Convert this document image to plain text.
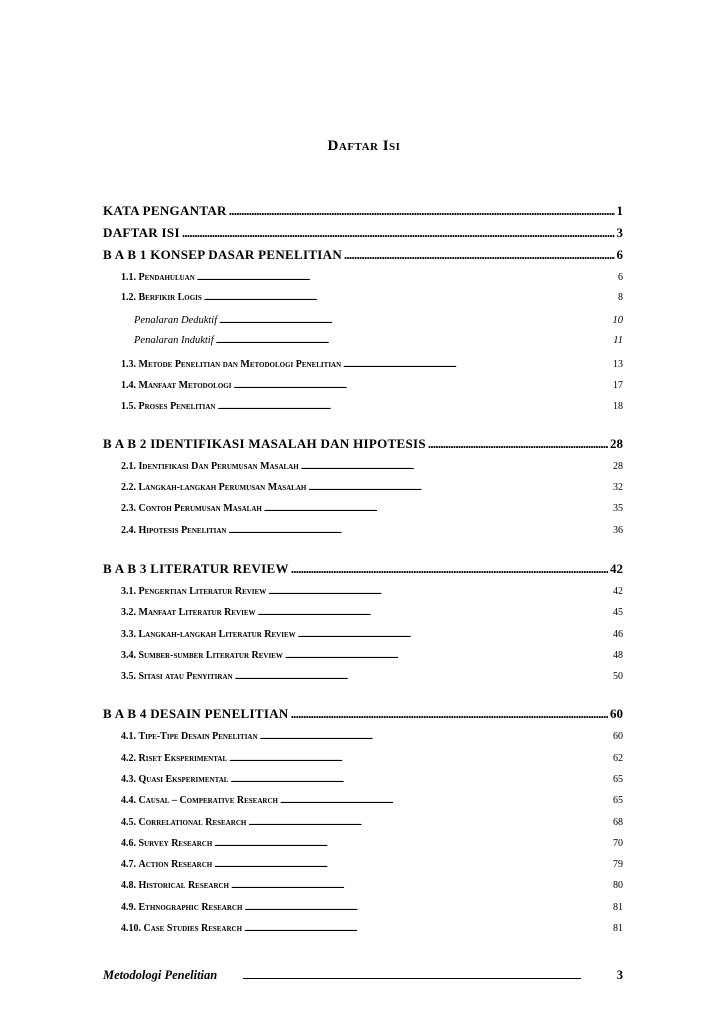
Daftar Isi
KATA PENGANTAR . . .	1
DAFTAR ISI . . .	3
B A B 1 KONSEP DASAR PENELITIAN . . .	6
1.1. Pendahuluan . . .	6
1.2. Berfikir Logis . . .	8
Penalaran Deduktif . . .	10
Penalaran Induktif . . .	11
1.3. Metode Penelitian dan Metodologi Penelitian . . .	13
1.4. Manfaat Metodologi . . .	17
1.5. Proses Penelitian . . .	18
B A B 2 IDENTIFIKASI MASALAH DAN HIPOTESIS . . .	28
2.1. Identifikasi Dan Perumusan Masalah . . .	28
2.2. Langkah-langkah Perumusan Masalah . . .	32
2.3. Contoh Perumusan Masalah . . .	35
2.4. Hipotesis Penelitian . . .	36
B A B 3 LITERATUR REVIEW . . .	42
3.1. Pengertian Literatur Review . . .	42
3.2. Manfaat Literatur Review . . .	45
3.3. Langkah-langkah Literatur Review . . .	46
3.4. Sumber-sumber Literatur Review . . .	48
3.5. Sitasi atau Penyitiran . . .	50
B A B 4 DESAIN PENELITIAN . . .	60
4.1. Tipe-Tipe Desain Penelitian . . .	60
4.2. Riset Eksperimental . . .	62
4.3. Quasi Eksperimental . . .	65
4.4. Causal – Comperative Research . . .	65
4.5. Correlational Research . . .	68
4.6. Survey Research . . .	70
4.7. Action Research . . .	79
4.8. Historical Research . . .	80
4.9. Ethnographic Research . . .	81
4.10. Case Studies Research . . .	81
Metodologi Penelitian	3
